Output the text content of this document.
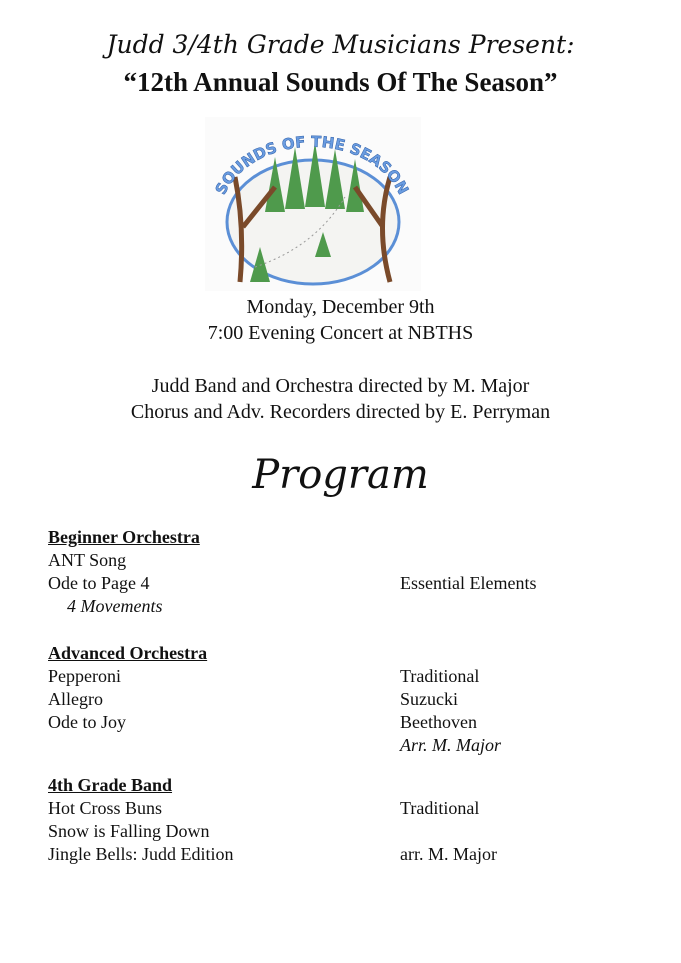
Judd 3/4th Grade Musicians Present:
“12th Annual Sounds Of The Season”
SOUNDS OF THE SEASON
Monday, December 9th
7:00 Evening Concert at NBTHS
Judd Band and Orchestra directed by M. Major
Chorus and Adv. Recorders directed by E. Perryman
Program
Beginner Orchestra
ANT Song
Ode to Page 4	Essential Elements
4 Movements
Advanced Orchestra
Pepperoni	Traditional
Allegro	Suzucki
Ode to Joy	Beethoven
Arr. M. Major
4th Grade Band
Hot Cross Buns	Traditional
Snow is Falling Down
Jingle Bells: Judd Edition	arr. M. Major
